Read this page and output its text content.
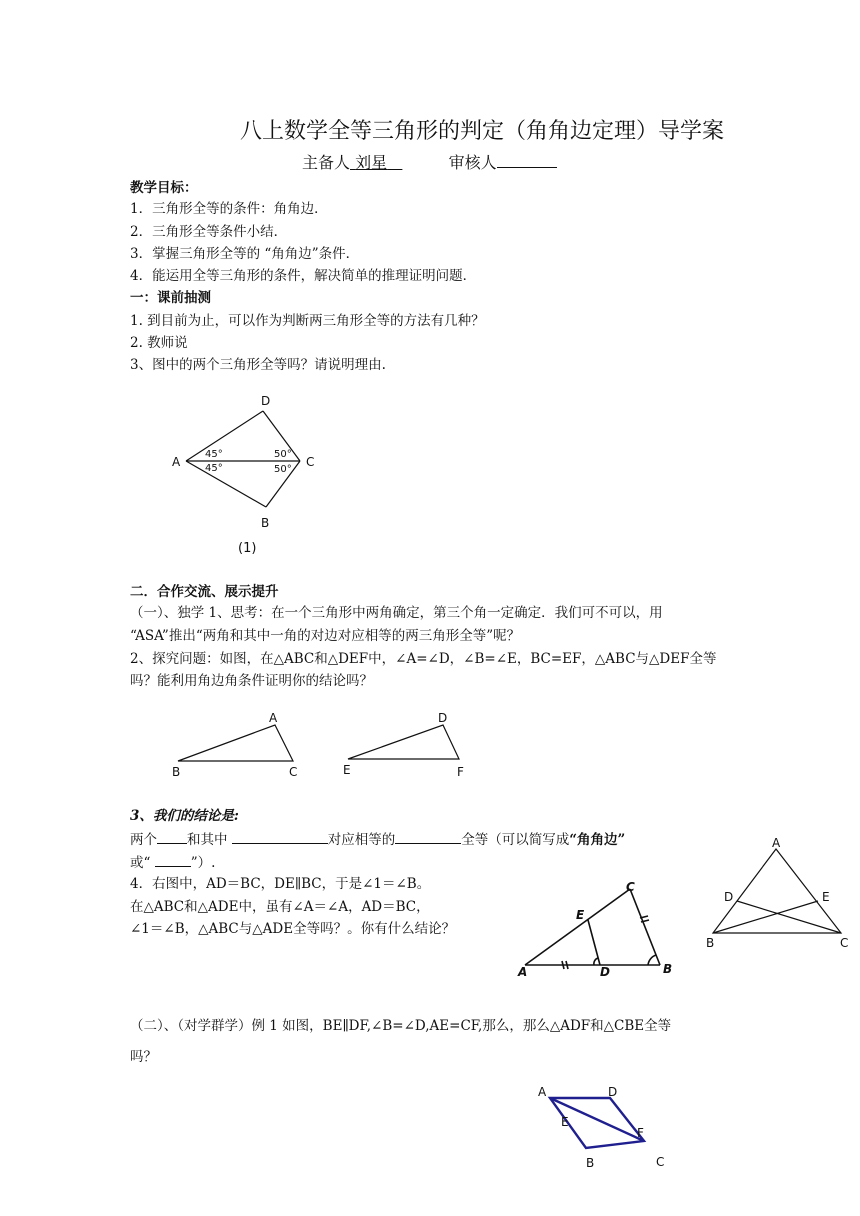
八上数学全等三角形的判定（角角边定理）导学案
主备人 刘星	审核人
教学目标：
1．三角形全等的条件：角角边．
2．三角形全等条件小结．
3．掌握三角形全等的 “角角边”条件．
4．能运用全等三角形的条件，解决简单的推理证明问题．
一：课前抽测
1. 到目前为止，可以作为判断两三角形全等的方法有几种？
2. 教师说
3、图中的两个三角形全等吗？请说明理由.
D
A	C
B
45°
45°
50°
50°
(1)
二．合作交流、展示提升
（一）、独学 1、思考：在一个三角形中两角确定，第三个角一定确定．我们可不可以，用
“ASA”推出“两角和其中一角的对边对应相等的两三角形全等”呢？
2、探究问题：如图，在△ABC和△DEF中，∠A=∠D，∠B=∠E，BC=EF，△ABC与△DEF全等
吗？能利用角边角条件证明你的结论吗？
A
B	C
D
E	F
3、我们的结论是:
两个 和其中	对应相等的	全等（可以简写成“角角边”
或“	”）.
4．右图中，AD＝BC，DE∥BC，于是∠1＝∠B。
在△ABC和△ADE中，虽有∠A＝∠A，AD＝BC，
∠1＝∠B，△ABC与△ADE全等吗？。你有什么结论？
A	B
C
D
E
A
B	C
D	E
（二）、（对学群学）例 1 如图，BE∥DF,∠B=∠D,AE=CF,那么，那么△ADF和△CBE全等
吗？
A	D
E
F
B	C
